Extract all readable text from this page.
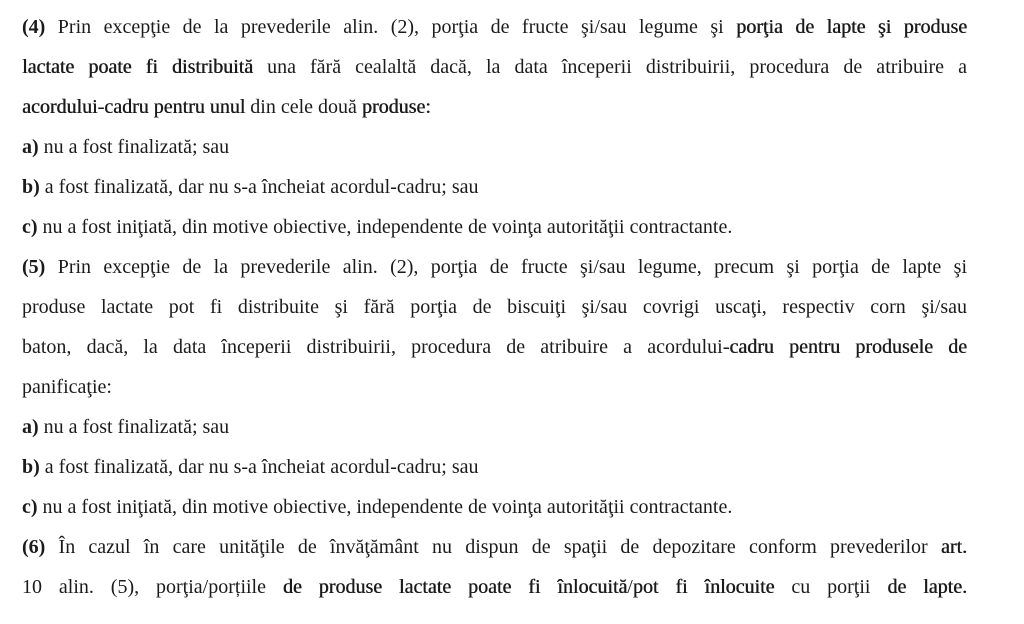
(4) Prin excepţie de la prevederile alin. (2), porţia de fructe şi/sau legume şi porţia de lapte şi produse
lactate poate fi distribuită una fără cealaltă dacă, la data începerii distribuirii, procedura de atribuire a
acordului-cadru pentru unul din cele două produse:
a) nu a fost finalizată; sau
b) a fost finalizată, dar nu s-a încheiat acordul-cadru; sau
c) nu a fost iniţiată, din motive obiective, independente de voinţa autorităţii contractante.
(5) Prin excepţie de la prevederile alin. (2), porţia de fructe şi/sau legume, precum şi porţia de lapte şi
produse lactate pot fi distribuite şi fără porţia de biscuiţi şi/sau covrigi uscaţi, respectiv corn şi/sau
baton, dacă, la data începerii distribuirii, procedura de atribuire a acordului-cadru pentru produsele de
panificaţie:
a) nu a fost finalizată; sau
b) a fost finalizată, dar nu s-a încheiat acordul-cadru; sau
c) nu a fost iniţiată, din motive obiective, independente de voinţa autorităţii contractante.
(6) În cazul în care unităţile de învăţământ nu dispun de spaţii de depozitare conform prevederilor art.
10 alin. (5), porţia/porțiile de produse lactate poate fi înlocuită/pot fi înlocuite cu porţii de lapte.
